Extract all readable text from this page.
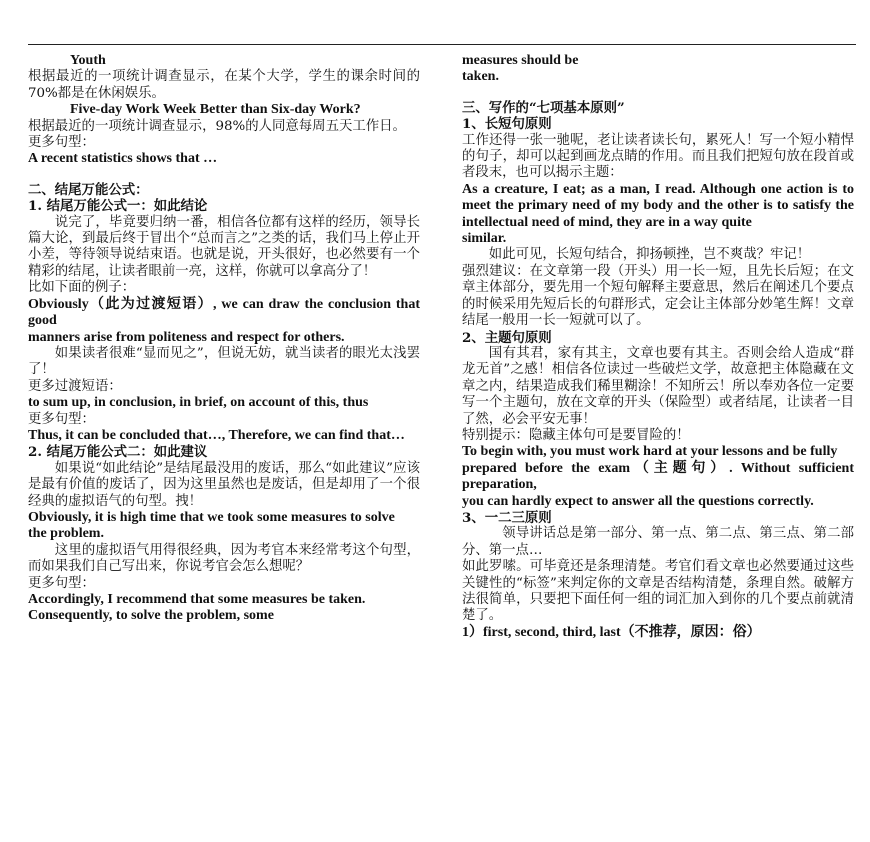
Youth

根据最近的一项统计调查显示，在某个大学，学生的课余时间的 70%都是在休闲娱乐。

Five-day Work Week Better than Six-day Work?

根据最近的一项统计调查显示，98%的人同意每周五天工作日。

更多句型：

A recent statistics shows that …

二、结尾万能公式：

1. 结尾万能公式一：如此结论

说完了，毕竟要归纳一番，相信各位都有这样的经历，领导长篇大论，到最后终于冒出个“总而言之”之类的话，我们马上停止开小差，等待领导说结束语。也就是说，开头很好，也必然要有一个精彩的结尾，让读者眼前一亮，这样，你就可以拿高分了！

比如下面的例子：

Obviously（此为过渡短语）, we can draw the conclusion that good

manners arise from politeness and respect for others.

如果读者很难“显而见之”，但说无妨，就当读者的眼光太浅罢了！

更多过渡短语：

to sum up, in conclusion, in brief, on account of this, thus

更多句型：

Thus, it can be concluded that…, Therefore, we can find that…

2. 结尾万能公式二：如此建议

如果说“如此结论”是结尾最没用的废话，那么“如此建议”应该是最有价值的废话了，因为这里虽然也是废话，但是却用了一个很经典的虚拟语气的句型。拽！

Obviously, it is high time that we took some measures to solve

the problem.

这里的虚拟语气用得很经典，因为考官本来经常考这个句型，而如果我们自己写出来，你说考官会怎么想呢？

更多句型：

Accordingly, I recommend that some measures be taken.

Consequently, to solve the problem, some

measures should be

taken.

三、写作的“七项基本原则”

1、长短句原则

工作还得一张一驰呢，老让读者读长句，累死人！写一个短小精悍的句子，却可以起到画龙点睛的作用。而且我们把短句放在段首或者段末，也可以揭示主题：

As a creature, I eat; as a man, I read. Although one action is to meet the primary need of my body and the other is to satisfy the intellectual need of mind, they are in a way quite

similar.

如此可见，长短句结合，抑扬顿挫，岂不爽哉？牢记！

强烈建议：在文章第一段（开头）用一长一短，且先长后短；在文章主体部分，要先用一个短句解释主要意思，然后在阐述几个要点的时候采用先短后长的句群形式，定会让主体部分妙笔生辉！文章结尾一般用一长一短就可以了。

2、主题句原则

国有其君，家有其主，文章也要有其主。否则会给人造成“群龙无首”之感！相信各位读过一些破烂文学，故意把主体隐藏在文章之内，结果造成我们稀里糊涂！不知所云！所以奉劝各位一定要写一个主题句，放在文章的开头（保险型）或者结尾，让读者一目了然，必会平安无事！

特别提示：隐藏主体句可是要冒险的！

To begin with, you must work hard at your lessons and be fully

prepared before the exam（主题句）. Without sufficient preparation,

you can hardly expect to answer all the questions correctly.

3、一二三原则

领导讲话总是第一部分、第一点、第二点、第三点、第二部分、第一点…

如此罗嗦。可毕竟还是条理清楚。考官们看文章也必然要通过这些关键性的“标签”来判定你的文章是否结构清楚，条理自然。破解方法很简单，只要把下面任何一组的词汇加入到你的几个要点前就清楚了。

1）first, second, third, last（不推荐，原因：俗）
